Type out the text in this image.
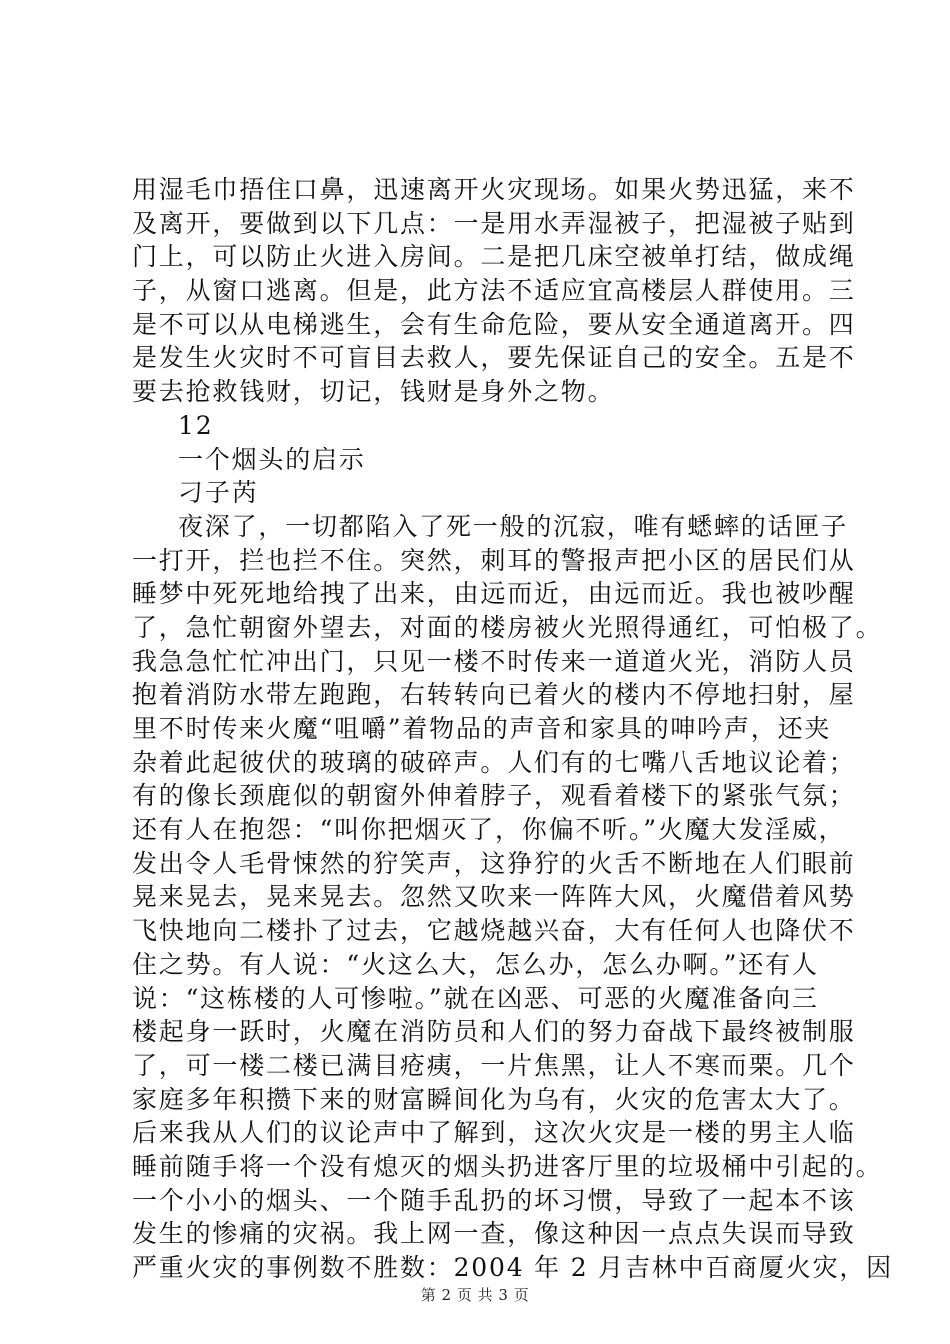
用湿毛巾捂住口鼻，迅速离开火灾现场。如果火势迅猛，来不
及离开，要做到以下几点：一是用水弄湿被子，把湿被子贴到
门上，可以防止火进入房间。二是把几床空被单打结，做成绳
子，从窗口逃离。但是，此方法不适应宜高楼层人群使用。三
是不可以从电梯逃生，会有生命危险，要从安全通道离开。四
是发生火灾时不可盲目去救人，要先保证自己的安全。五是不
要去抢救钱财，切记，钱财是身外之物。
12
一个烟头的启示
刁子芮
夜深了，一切都陷入了死一般的沉寂，唯有蟋蟀的话匣子
一打开，拦也拦不住。突然，刺耳的警报声把小区的居民们从
睡梦中死死地给拽了出来，由远而近，由远而近。我也被吵醒
了，急忙朝窗外望去，对面的楼房被火光照得通红，可怕极了。
我急急忙忙冲出门，只见一楼不时传来一道道火光，消防人员
抱着消防水带左跑跑，右转转向已着火的楼内不停地扫射，屋
里不时传来火魔“咀嚼”着物品的声音和家具的呻吟声，还夹
杂着此起彼伏的玻璃的破碎声。人们有的七嘴八舌地议论着；
有的像长颈鹿似的朝窗外伸着脖子，观看着楼下的紧张气氛；
还有人在抱怨：“叫你把烟灭了，你偏不听。”火魔大发淫威，
发出令人毛骨悚然的狞笑声，这狰狞的火舌不断地在人们眼前
晃来晃去，晃来晃去。忽然又吹来一阵阵大风，火魔借着风势
飞快地向二楼扑了过去，它越烧越兴奋，大有任何人也降伏不
住之势。有人说：“火这么大，怎么办，怎么办啊。”还有人
说：“这栋楼的人可惨啦。”就在凶恶、可恶的火魔准备向三
楼起身一跃时，火魔在消防员和人们的努力奋战下最终被制服
了，可一楼二楼已满目疮痍，一片焦黑，让人不寒而栗。几个
家庭多年积攒下来的财富瞬间化为乌有，火灾的危害太大了。
后来我从人们的议论声中了解到，这次火灾是一楼的男主人临
睡前随手将一个没有熄灭的烟头扔进客厅里的垃圾桶中引起的。
一个小小的烟头、一个随手乱扔的坏习惯，导致了一起本不该
发生的惨痛的灾祸。我上网一查，像这种因一点点失误而导致
严重火灾的事例数不胜数：2004 年 2 月吉林中百商厦火灾，因
第 2 页 共 3 页
